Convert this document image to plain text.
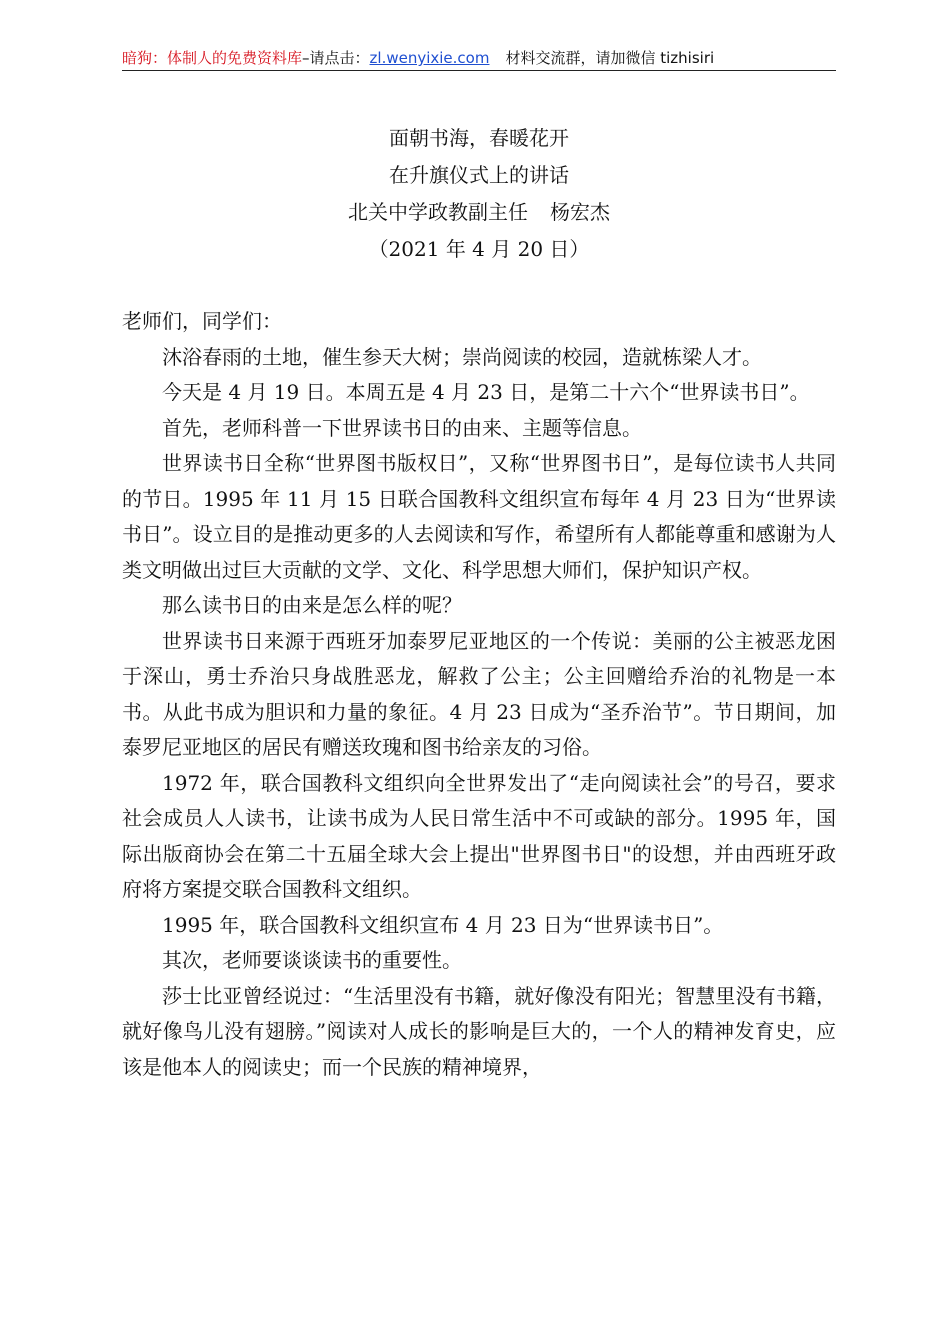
暗狗：体制人的免费资料库–请点击：zl.wenyixie.com 材料交流群，请加微信 tizhisiri
面朝书海，春暖花开
在升旗仪式上的讲话
北关中学政教副主任 杨宏杰
（2021 年 4 月 20 日）

老师们，同学们：

沐浴春雨的土地，催生参天大树；崇尚阅读的校园，造就栋梁人才。

今天是 4 月 19 日。本周五是 4 月 23 日，是第二十六个“世界读书日”。

首先，老师科普一下世界读书日的由来、主题等信息。

世界读书日全称“世界图书版权日”，又称“世界图书日”，是每位读书人共同的节日。1995 年 11 月 15 日联合国教科文组织宣布每年 4 月 23 日为“世界读书日”。设立目的是推动更多的人去阅读和写作，希望所有人都能尊重和感谢为人类文明做出过巨大贡献的文学、文化、科学思想大师们，保护知识产权。

那么读书日的由来是怎么样的呢？

世界读书日来源于西班牙加泰罗尼亚地区的一个传说：美丽的公主被恶龙困于深山，勇士乔治只身战胜恶龙，解救了公主；公主回赠给乔治的礼物是一本书。从此书成为胆识和力量的象征。4 月 23 日成为“圣乔治节”。节日期间，加泰罗尼亚地区的居民有赠送玫瑰和图书给亲友的习俗。

1972 年，联合国教科文组织向全世界发出了“走向阅读社会”的号召，要求社会成员人人读书，让读书成为人民日常生活中不可或缺的部分。1995 年，国际出版商协会在第二十五届全球大会上提出"世界图书日"的设想，并由西班牙政府将方案提交联合国教科文组织。

1995 年，联合国教科文组织宣布 4 月 23 日为“世界读书日”。

其次，老师要谈谈读书的重要性。

莎士比亚曾经说过：“生活里没有书籍，就好像没有阳光；智慧里没有书籍，就好像鸟儿没有翅膀。”阅读对人成长的影响是巨大的，一个人的精神发育史，应该是他本人的阅读史；而一个民族的精神境界，
